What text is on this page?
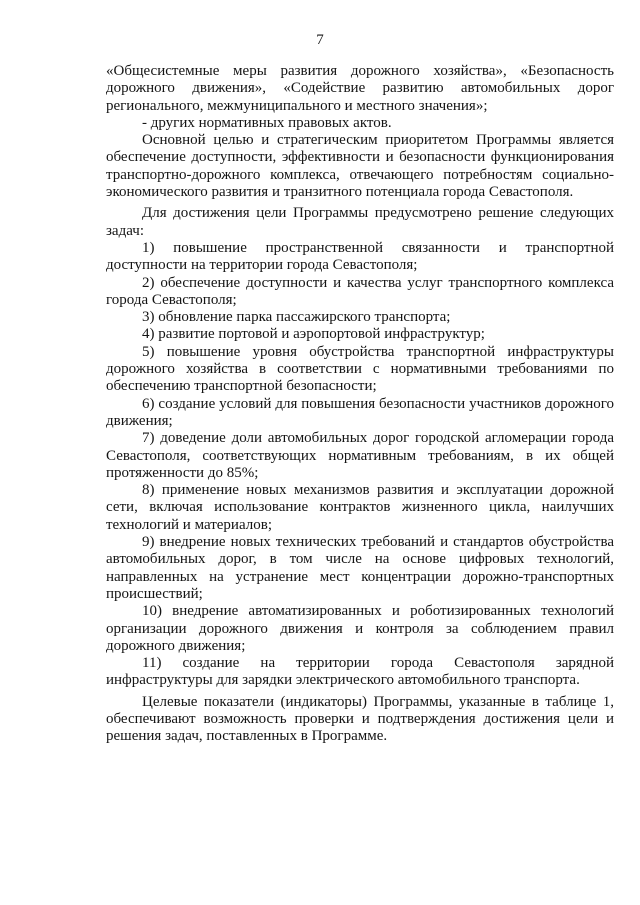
7

«Общесистемные меры развития дорожного хозяйства», «Безопасность дорожного движения», «Содействие развитию автомобильных дорог регионального, межмуниципального и местного значения»;

- других нормативных правовых актов.

Основной целью и стратегическим приоритетом Программы является обеспечение доступности, эффективности и безопасности функционирования транспортно-дорожного комплекса, отвечающего потребностям социально-экономического развития и транзитного потенциала города Севастополя.

Для достижения цели Программы предусмотрено решение следующих задач:

1) повышение пространственной связанности и транспортной доступности на территории города Севастополя;

2) обеспечение доступности и качества услуг транспортного комплекса города Севастополя;

3) обновление парка пассажирского транспорта;

4) развитие портовой и аэропортовой инфраструктур;

5) повышение уровня обустройства транспортной инфраструктуры дорожного хозяйства в соответствии с нормативными требованиями по обеспечению транспортной безопасности;

6) создание условий для повышения безопасности участников дорожного движения;

7) доведение доли автомобильных дорог городской агломерации города Севастополя, соответствующих нормативным требованиям, в их общей протяженности до 85%;

8) применение новых механизмов развития и эксплуатации дорожной сети, включая использование контрактов жизненного цикла, наилучших технологий и материалов;

9) внедрение новых технических требований и стандартов обустройства автомобильных дорог, в том числе на основе цифровых технологий, направленных на устранение мест концентрации дорожно-транспортных происшествий;

10) внедрение автоматизированных и роботизированных технологий организации дорожного движения и контроля за соблюдением правил дорожного движения;

11) создание на территории города Севастополя зарядной инфраструктуры для зарядки электрического автомобильного транспорта.

Целевые показатели (индикаторы) Программы, указанные в таблице 1, обеспечивают возможность проверки и подтверждения достижения цели и решения задач, поставленных в Программе.
